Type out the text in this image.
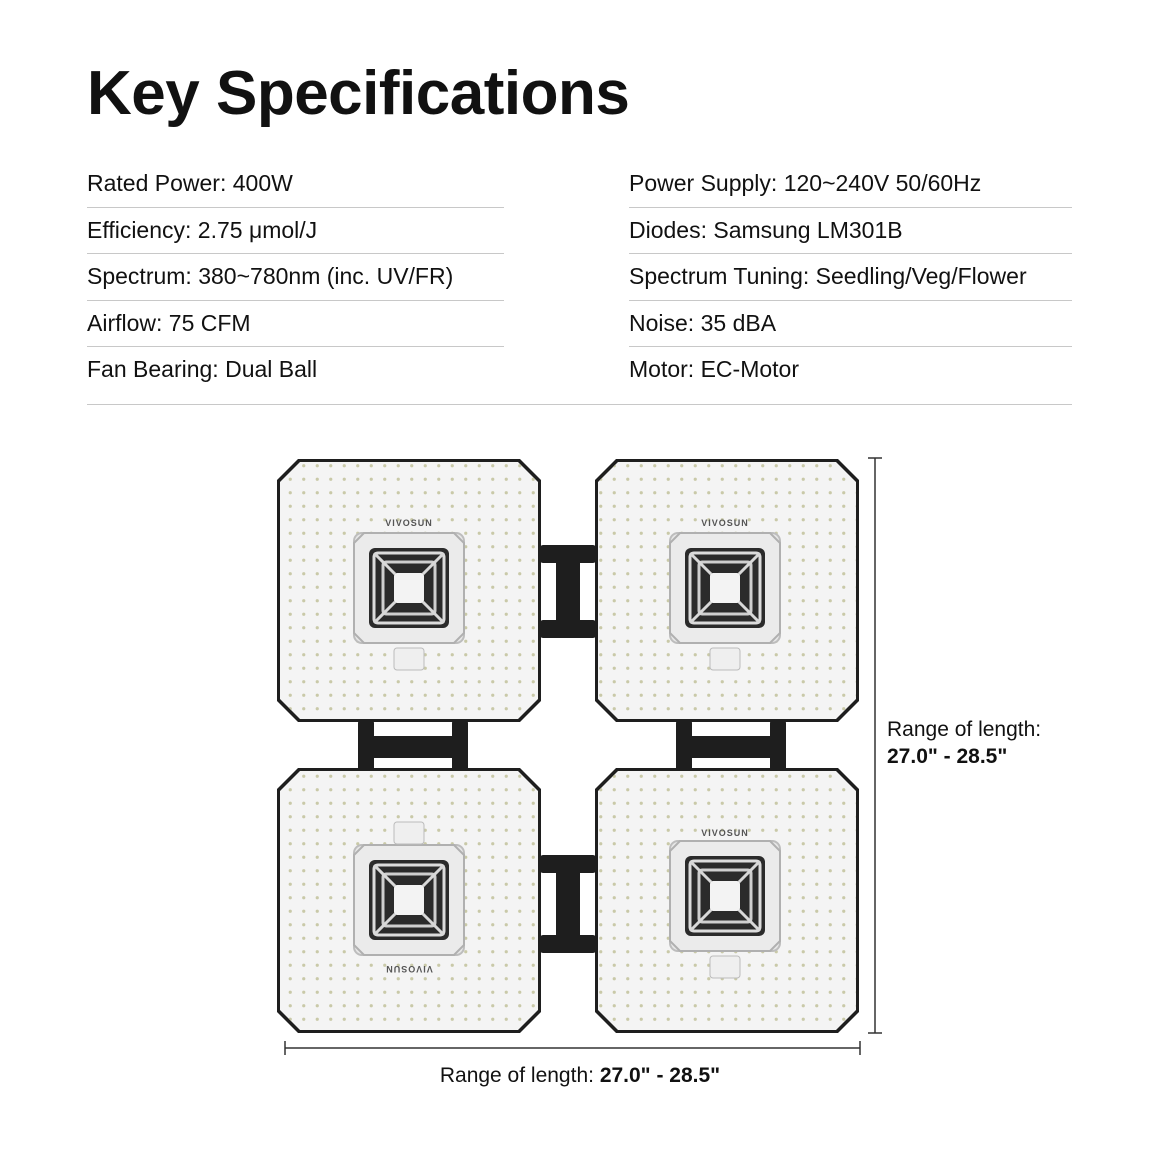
Key Specifications
Rated Power: 400W
Efficiency: 2.75 μmol/J
Spectrum: 380~780nm (inc. UV/FR)
Airflow: 75 CFM
Fan Bearing: Dual Ball
Power Supply: 120~240V 50/60Hz
Diodes: Samsung LM301B
Spectrum Tuning: Seedling/Veg/Flower
Noise: 35 dBA
Motor: EC-Motor
VIVOSUN	VIVOSUN
VIVOSUN
VIVOSUN
Range of length:
27.0" - 28.5"
Range of length: 27.0" - 28.5"
